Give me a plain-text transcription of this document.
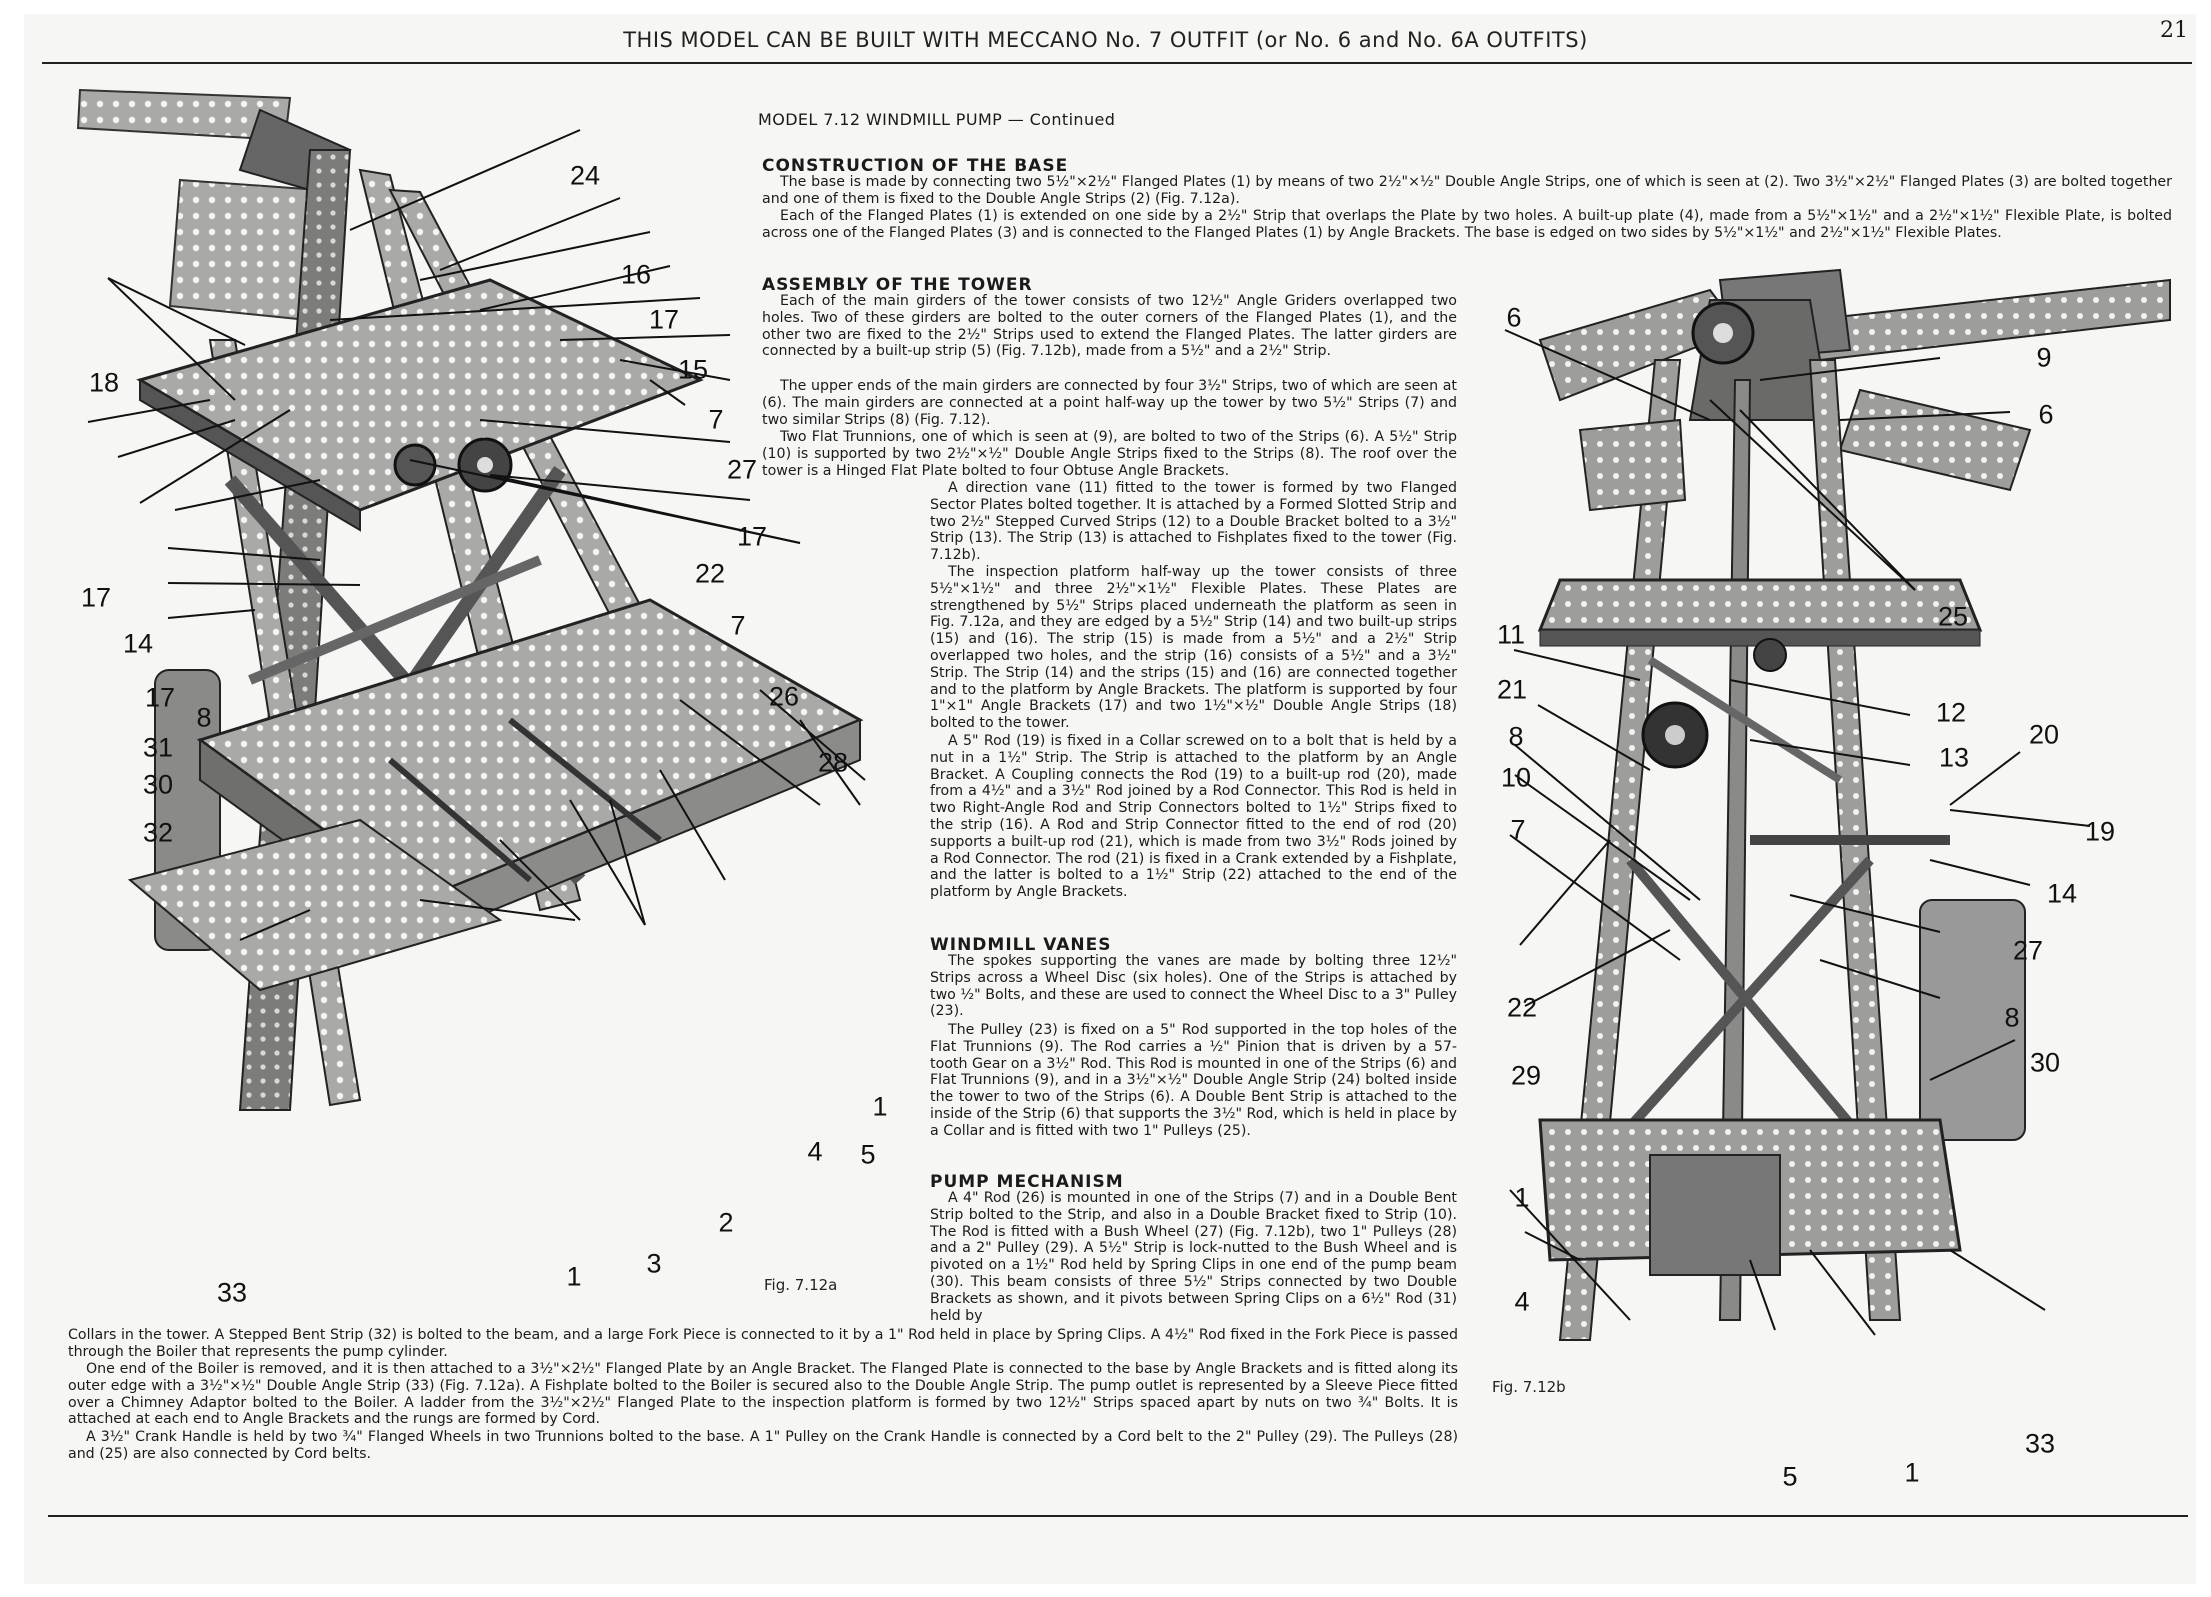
THIS MODEL CAN BE BUILT WITH MECCANO No. 7 OUTFIT (or No. 6 and No. 6A OUTFITS)	21
24
16
17
15
18
7
27
17
22
17
14
7
17
8
26
28
31
30
32
1
4 5
2
3
1
33	Fig. 7.12a
MODEL 7.12 WINDMILL PUMP — Continued
CONSTRUCTION OF THE BASE

The base is made by connecting two 5½"×2½" Flanged Plates (1) by means of two 2½"×½" Double Angle Strips, one of which is seen at (2). Two 3½"×2½" Flanged Plates (3) are bolted together and one of them is fixed to the Double Angle Strips (2) (Fig. 7.12a).

Each of the Flanged Plates (1) is extended on one side by a 2½" Strip that overlaps the Plate by two holes. A built-up plate (4), made from a 5½"×1½" and a 2½"×1½" Flexible Plate, is bolted across one of the Flanged Plates (3) and is connected to the Flanged Plates (1) by Angle Brackets. The base is edged on two sides by 5½"×1½" and 2½"×1½" Flexible Plates.

ASSEMBLY OF THE TOWER

Each of the main girders of the tower consists of two 12½" Angle Griders overlapped two holes. Two of these girders are bolted to the outer corners of the Flanged Plates (1), and the other two are fixed to the 2½" Strips used to extend the Flanged Plates. The latter girders are connected by a built-up strip (5) (Fig. 7.12b), made from a 5½" and a 2½" Strip.

The upper ends of the main girders are connected by four 3½" Strips, two of which are seen at (6). The main girders are connected at a point half-way up the tower by two 5½" Strips (7) and two similar Strips (8) (Fig. 7.12).

Two Flat Trunnions, one of which is seen at (9), are bolted to two of the Strips (6). A 5½" Strip (10) is supported by two 2½"×½" Double Angle Strips fixed to the Strips (8). The roof over the tower is a Hinged Flat Plate bolted to four Obtuse Angle Brackets.

A direction vane (11) fitted to the tower is formed by two Flanged Sector Plates bolted together. It is attached by a Formed Slotted Strip and two 2½" Stepped Curved Strips (12) to a Double Bracket bolted to a 3½" Strip (13). The Strip (13) is attached to Fishplates fixed to the tower (Fig. 7.12b).

The inspection platform half-way up the tower consists of three 5½"×1½" and three 2½"×1½" Flexible Plates. These Plates are strengthened by 5½" Strips placed underneath the platform as seen in Fig. 7.12a, and they are edged by a 5½" Strip (14) and two built-up strips (15) and (16). The strip (15) is made from a 5½" and a 2½" Strip overlapped two holes, and the strip (16) consists of a 5½" and a 3½" Strip. The Strip (14) and the strips (15) and (16) are connected together and to the platform by Angle Brackets. The platform is supported by four 1"×1" Angle Brackets (17) and two 1½"×½" Double Angle Strips (18) bolted to the tower.

A 5" Rod (19) is fixed in a Collar screwed on to a bolt that is held by a nut in a 1½" Strip. The Strip is attached to the platform by an Angle Bracket. A Coupling connects the Rod (19) to a built-up rod (20), made from a 4½" and a 3½" Rod joined by a Rod Connector. This Rod is held in two Right-Angle Rod and Strip Connectors bolted to 1½" Strips fixed to the strip (16). A Rod and Strip Connector fitted to the end of rod (20) supports a built-up rod (21), which is made from two 3½" Rods joined by a Rod Connector. The rod (21) is fixed in a Crank extended by a Fishplate, and the latter is bolted to a 1½" Strip (22) attached to the end of the platform by Angle Brackets.

WINDMILL VANES

The spokes supporting the vanes are made by bolting three 12½" Strips across a Wheel Disc (six holes). One of the Strips is attached by two ½" Bolts, and these are used to connect the Wheel Disc to a 3" Pulley (23).

The Pulley (23) is fixed on a 5" Rod supported in the top holes of the Flat Trunnions (9). The Rod carries a ½" Pinion that is driven by a 57-tooth Gear on a 3½" Rod. This Rod is mounted in one of the Strips (6) and Flat Trunnions (9), and in a 3½"×½" Double Angle Strip (24) bolted inside the tower to two of the Strips (6). A Double Bent Strip is attached to the inside of the Strip (6) that supports the 3½" Rod, which is held in place by a Collar and is fitted with two 1" Pulleys (25).

PUMP MECHANISM

A 4" Rod (26) is mounted in one of the Strips (7) and in a Double Bent Strip bolted to the Strip, and also in a Double Bracket fixed to Strip (10). The Rod is fitted with a Bush Wheel (27) (Fig. 7.12b), two 1" Pulleys (28) and a 2" Pulley (29). A 5½" Strip is lock-nutted to the Bush Wheel and is pivoted on a 1½" Rod held by Spring Clips in one end of the pump beam (30). This beam consists of three 5½" Strips connected by two Double Brackets as shown, and it pivots between Spring Clips on a 6½" Rod (31) held by

Collars in the tower. A Stepped Bent Strip (32) is bolted to the beam, and a large Fork Piece is connected to it by a 1" Rod held in place by Spring Clips. A 4½" Rod fixed in the Fork Piece is passed through the Boiler that represents the pump cylinder.

One end of the Boiler is removed, and it is then attached to a 3½"×2½" Flanged Plate by an Angle Bracket. The Flanged Plate is connected to the base by Angle Brackets and is fitted along its outer edge with a 3½"×½" Double Angle Strip (33) (Fig. 7.12a). A Fishplate bolted to the Boiler is secured also to the Double Angle Strip. The pump outlet is represented by a Sleeve Piece fitted over a Chimney Adaptor bolted to the Boiler. A ladder from the 3½"×2½" Flanged Plate to the inspection platform is formed by two 12½" Strips spaced apart by nuts on two ¾" Bolts. It is attached at each end to Angle Brackets and the rungs are formed by Cord.

A 3½" Crank Handle is held by two ¾" Flanged Wheels in two Trunnions bolted to the base. A 1" Pulley on the Crank Handle is connected by a Cord belt to the 2" Pulley (29). The Pulleys (28) and (25) are also connected by Cord belts.

6
9
6
25
11
12
21
13
8	20
10
19
7
14
27
22	8
29	30
1
4
5	1
33
Fig. 7.12b
